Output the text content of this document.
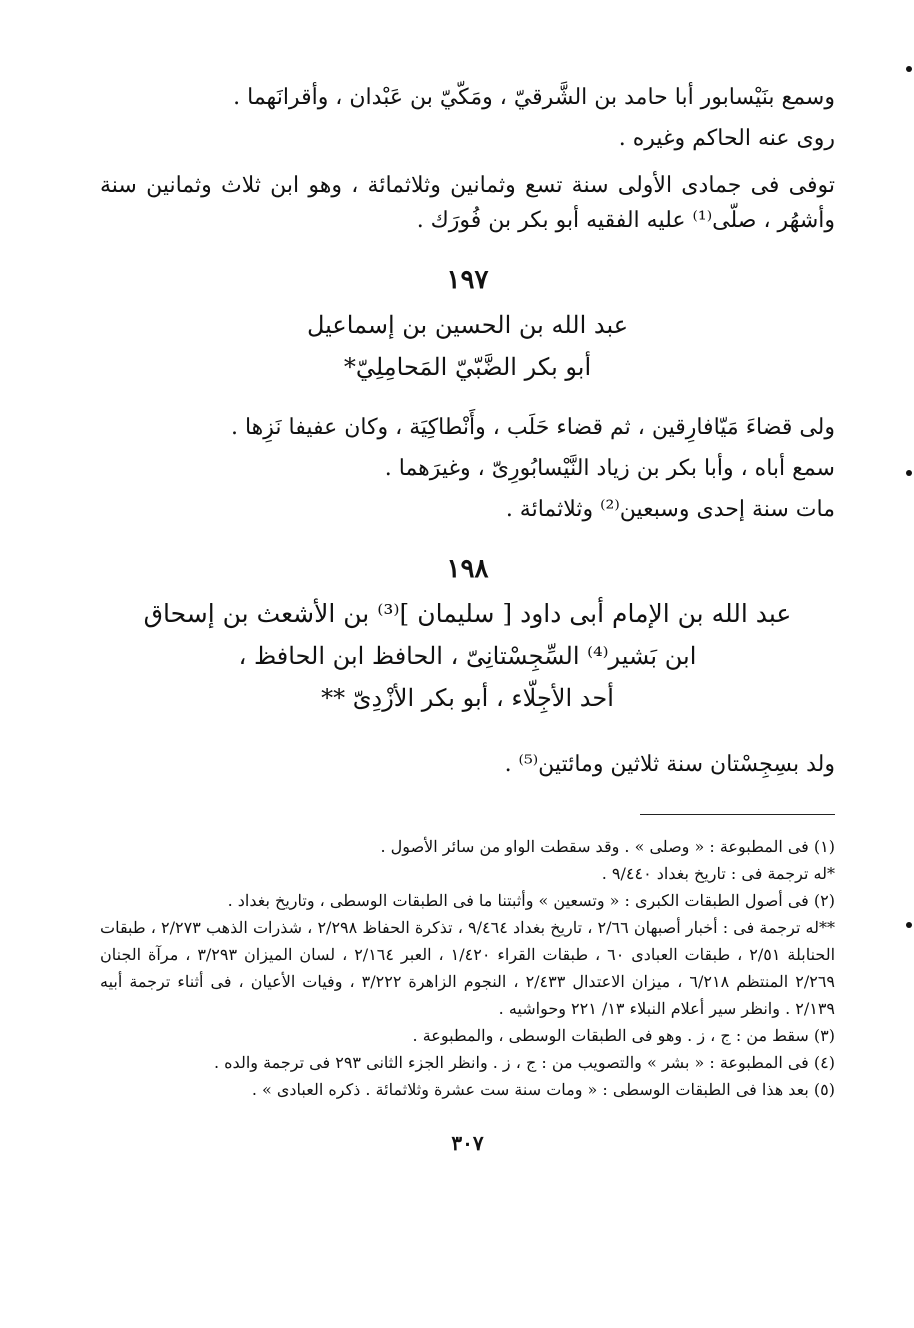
وسمع بنَيْسابور أبا حامد بن الشَّرقيّ ، ومَكّيّ بن عَبْدان ، وأقرانَهما .

روى عنه الحاكم وغيره .

توفى فى جمادى الأولى سنة تسع وثمانين وثلاثمائة ، وهو ابن ثلاث وثمانين سنة وأشهُر ، صلّى⁽¹⁾ عليه الفقيه أبو بكر بن فُورَك .

١٩٧

عبد الله بن الحسين بن إسماعيل

أبو بكر الضَّبّيّ المَحامِلِيّ*

ولى قضاءَ مَيّافارِقين ، ثم قضاء حَلَب ، وأَنْطاكِيَة ، وكان عفيفا نَزِها .

سمع أباه ، وأبا بكر بن زياد النَّيْسابُورِىّ ، وغيرَهما .

مات سنة إحدى وسبعين⁽²⁾ وثلاثمائة .

١٩٨

عبد الله بن الإمام أبى داود [ سليمان ]⁽³⁾ بن الأشعث بن إسحاق

ابن بَشير⁽⁴⁾ السِّجِسْتانِىّ ، الحافظ ابن الحافظ ،

أحد الأجِلّاء ، أبو بكر الأزْدِىّ **

ولد بسِجِسْتان سنة ثلاثين ومائتين⁽⁵⁾ .

(١) فى المطبوعة : « وصلى » . وقد سقطت الواو من سائر الأصول .

*له ترجمة فى : تاريخ بغداد ٩/٤٤٠ .

(٢) فى أصول الطبقات الكبرى : « وتسعين » وأثبتنا ما فى الطبقات الوسطى ، وتاريخ بغداد .

**له ترجمة فى : أخبار أصبهان ٢/٦٦ ، تاريخ بغداد ٩/٤٦٤ ، تذكرة الحفاظ ٢/٢٩٨ ، شذرات الذهب ٢/٢٧٣ ، طبقات الحنابلة ٢/٥١ ، طبقات العبادى ٦٠ ، طبقات القراء ١/٤٢٠ ، العبر ٢/١٦٤ ، لسان الميزان ٣/٢٩٣ ، مرآة الجنان ٢/٢٦٩ المنتظم ٦/٢١٨ ، ميزان الاعتدال ٢/٤٣٣ ، النجوم الزاهرة ٣/٢٢٢ ، وفيات الأعيان ، فى أثناء ترجمة أبيه ٢/١٣٩ . وانظر سير أعلام النبلاء ١٣/ ٢٢١ وحواشيه .

(٣) سقط من : ج ، ز . وهو فى الطبقات الوسطى ، والمطبوعة .

(٤) فى المطبوعة : « بشر » والتصويب من : ج ، ز . وانظر الجزء الثانى ٢٩٣ فى ترجمة والده .

(٥) بعد هذا فى الطبقات الوسطى : « ومات سنة ست عشرة وثلاثمائة . ذكره العبادى » .

٣٠٧
